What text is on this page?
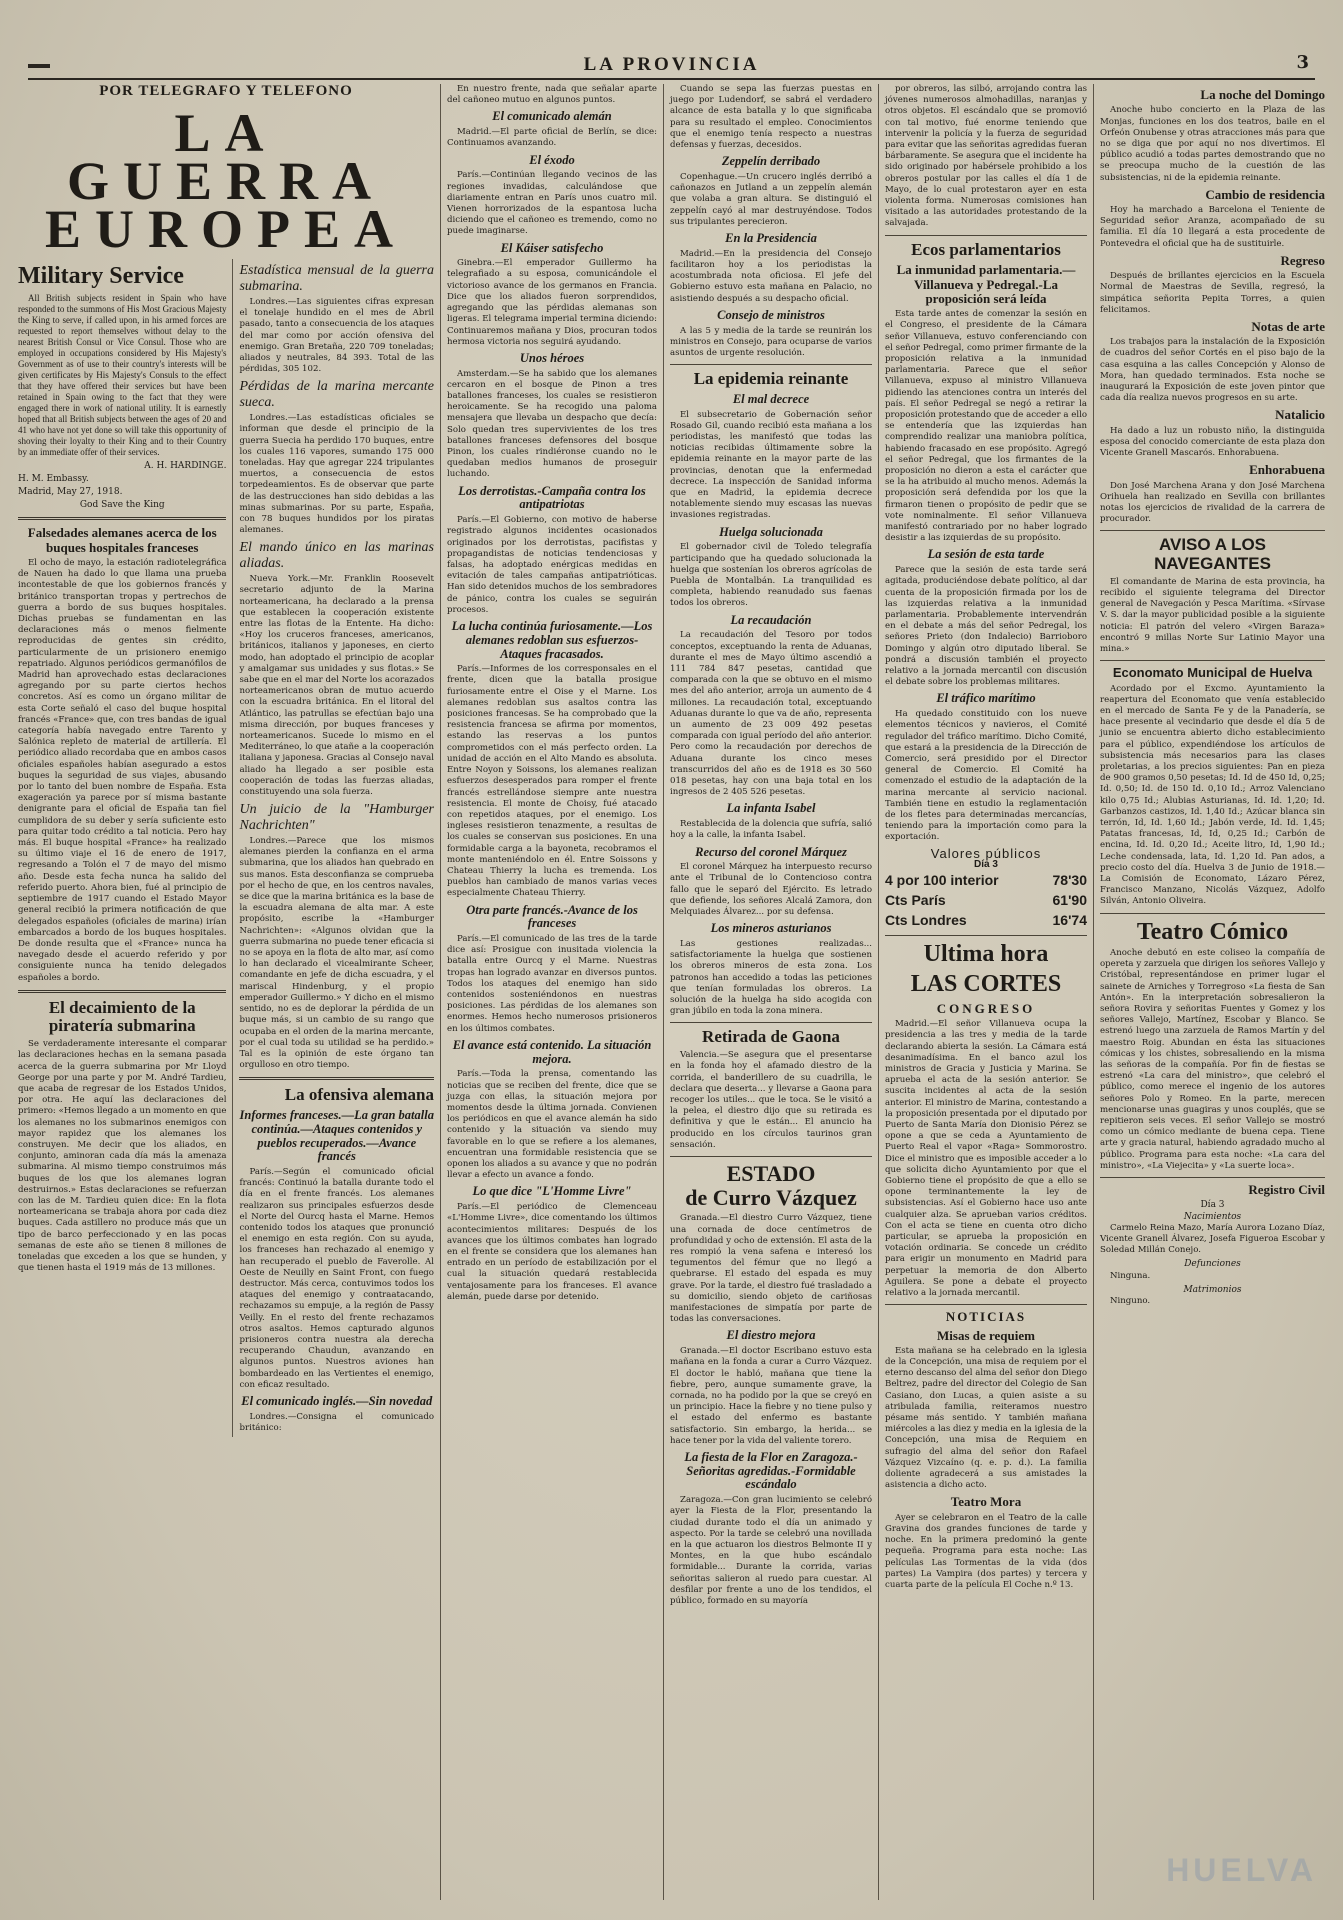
LA PROVINCIA	3
POR TELEGRAFO Y TELEFONO
LA GUERRA
EUROPEA
Military Service

All British subjects resident in Spain who have responded to the summons of His Most Gracious Majesty the King to serve, if called upon, in his armed forces are requested to report themselves without delay to the nearest British Consul or Vice Consul. Those who are employed in occupations considered by His Majesty's Government as of use to their country's interests will be given certificates by His Majesty's Consuls to the effect that they have offered their services but have been retained in Spain owing to the fact that they were engaged there in work of national utility. It is earnestly hoped that all British subjects between the ages of 20 and 41 who have not yet done so will take this opportunity of shoving their loyalty to their King and to their Country by an immediate offer of their services.

A. H. HARDINGE.
H. M. Embassy.
Madrid, May 27, 1918.
God Save the King
Falsedades alemanes acerca de los buques hospitales franceses

El ocho de mayo, la estación radiotelegráfica de Nauen ha dado lo que llama una prueba incontestable de que los gobiernos francés y británico transportan tropas y pertrechos de guerra a bordo de sus buques hospitales. Dichas pruebas se fundamentan en las declaraciones más o menos fielmente reproducidas de gentes sin crédito, particularmente de un prisionero enemigo repatriado. Algunos periódicos germanófilos de Madrid han aprovechado estas declaraciones agregando por su parte ciertos hechos concretos. Así es como un órgano militar de esta Corte señaló el caso del buque hospital francés «France» que, con tres bandas de igual categoría había navegado entre Tarento y Salónica repleto de material de artillería. El periódico aliado recordaba que en ambos casos oficiales españoles habían asegurado a estos buques la seguridad de sus viajes, abusando por lo tanto del buen nombre de España. Esta exageración ya parece por sí misma bastante denigrante para el oficial de España tan fiel cumplidora de su deber y sería suficiente esto para quitar todo crédito a tal noticia. Pero hay más. El buque hospital «France» ha realizado su último viaje el 16 de enero de 1917, regresando a Tolón el 7 de mayo del mismo año. Desde esta fecha nunca ha salido del referido puerto. Ahora bien, fué al principio de septiembre de 1917 cuando el Estado Mayor general recibió la primera notificación de que delegados españoles (oficiales de marina) irían embarcados a bordo de los buques hospitales. De donde resulta que el «France» nunca ha navegado desde el acuerdo referido y por consiguiente nunca ha tenido delegados españoles a bordo.

El decaimiento de la piratería submarina

Se verdaderamente interesante el comparar las declaraciones hechas en la semana pasada acerca de la guerra submarina por Mr Lloyd George por una parte y por M. André Tardieu, que acaba de regresar de los Estados Unidos, por otra. He aquí las declaraciones del primero: «Hemos llegado a un momento en que los alemanes no los submarinos enemigos con mayor rapidez que los alemanes los construyen. Me decir que los aliados, en conjunto, aminoran cada día más la amenaza submarina. Al mismo tiempo construimos más buques de los que los alemanes logran destruirnos.» Estas declaraciones se refuerzan con las de M. Tardieu quien dice: En la flota norteamericana se trabaja ahora por cada diez buques. Cada astillero no produce más que un tipo de barco perfeccionado y en las pocas semanas de este año se tienen 8 millones de toneladas que exceden a los que se hunden, y que tienen hasta el 1919 más de 13 millones.

Estadística mensual de la guerra submarina.

Londres.—Las siguientes cifras expresan el tonelaje hundido en el mes de Abril pasado, tanto a consecuencia de los ataques del mar como por acción ofensiva del enemigo. Gran Bretaña, 220 709 toneladas; aliados y neutrales, 84 393. Total de las pérdidas, 305 102.

Pérdidas de la marina mercante sueca.

Londres.—Las estadísticas oficiales se informan que desde el principio de la guerra Suecia ha perdido 170 buques, entre los cuales 116 vapores, sumando 175 000 toneladas. Hay que agregar 224 tripulantes muertos, a consecuencia de estos torpedeamientos. Es de observar que parte de las destrucciones han sido debidas a las minas submarinas. Por su parte, España, con 78 buques hundidos por los piratas alemanes.

El mando único en las marinas aliadas.

Nueva York.—Mr. Franklin Roosevelt secretario adjunto de la Marina norteamericana, ha declarado a la prensa que establecen la cooperación existente entre las flotas de la Entente. Ha dicho: «Hoy los cruceros franceses, americanos, británicos, italianos y japoneses, en cierto modo, han adoptado el principio de acoplar y amalgamar sus unidades y sus flotas.» Se sabe que en el mar del Norte los acorazados norteamericanos obran de mutuo acuerdo con la escuadra británica. En el litoral del Atlántico, las patrullas se efectúan bajo una misma dirección, por buques franceses y norteamericanos. Sucede lo mismo en el Mediterráneo, lo que atañe a la cooperación italiana y japonesa. Gracias al Consejo naval aliado ha llegado a ser posible esta cooperación de todas las fuerzas aliadas, constituyendo una sola fuerza.

Un juicio de la "Hamburger Nachrichten"

Londres.—Parece que los mismos alemanes pierden la confianza en el arma submarina, que los aliados han quebrado en sus manos. Esta desconfianza se comprueba por el hecho de que, en los centros navales, se dice que la marina británica es la base de la escuadra alemana de alta mar. A este propósito, escribe la «Hamburger Nachrichten»: «Algunos olvidan que la guerra submarina no puede tener eficacia si no se apoya en la flota de alto mar, así como lo han declarado el vicealmirante Scheer, comandante en jefe de dicha escuadra, y el mariscal Hindenburg, y el propio emperador Guillermo.» Y dicho en el mismo sentido, no es de deplorar la pérdida de un buque más, si un cambio de su rango que ocupaba en el orden de la marina mercante, por el cual toda su utilidad se ha perdido.» Tal es la opinión de este órgano tan orgulloso en otro tiempo.

La ofensiva alemana
Informes franceses.—La gran batalla continúa.—Ataques contenidos y pueblos recuperados.—Avance francés

París.—Según el comunicado oficial francés: Continuó la batalla durante todo el día en el frente francés. Los alemanes realizaron sus principales esfuerzos desde el Norte del Ourcq hasta el Marne. Hemos contenido todos los ataques que pronunció el enemigo en esta región. Con su ayuda, los franceses han rechazado al enemigo y han recuperado el pueblo de Faverolle. Al Oeste de Neuilly en Saint Front, con fuego destructor. Más cerca, contuvimos todos los ataques del enemigo y contraatacando, rechazamos su empuje, a la región de Passy Veilly. En el resto del frente rechazamos otros asaltos. Hemos capturado algunos prisioneros contra nuestra ala derecha recuperando Chaudun, avanzando en algunos puntos. Nuestros aviones han bombardeado en las Vertientes el enemigo, con eficaz resultado.

El comunicado inglés.—Sin novedad

Londres.—Consigna el comunicado británico:

En nuestro frente, nada que señalar aparte del cañoneo mutuo en algunos puntos.

El comunicado alemán

Madrid.—El parte oficial de Berlín, se dice: Continuamos avanzando.

El éxodo

París.—Continúan llegando vecinos de las regiones invadidas, calculándose que diariamente entran en París unos cuatro mil. Vienen horrorizados de la espantosa lucha diciendo que el cañoneo es tremendo, como no puede imaginarse.

El Káiser satisfecho

Ginebra.—El emperador Guillermo ha telegrafiado a su esposa, comunicándole el victorioso avance de los germanos en Francia. Dice que los aliados fueron sorprendidos, agregando que las pérdidas alemanas son ligeras. El telegrama imperial termina diciendo: Continuaremos mañana y Dios, procuran todos hermosa victoria nos seguirá ayudando.

Unos héroes

Amsterdam.—Se ha sabido que los alemanes cercaron en el bosque de Pinon a tres batallones franceses, los cuales se resistieron heroicamente. Se ha recogido una paloma mensajera que llevaba un despacho que decía: Solo quedan tres supervivientes de los tres batallones franceses defensores del bosque Pinon, los cuales rindiéronse cuando no le quedaban medios humanos de proseguir luchando.

Los derrotistas.-Campaña contra los antipatriotas

París.—El Gobierno, con motivo de haberse registrado algunos incidentes ocasionados originados por los derrotistas, pacifistas y propagandistas de noticias tendenciosas y falsas, ha adoptado enérgicas medidas en evitación de tales campañas antipatrióticas. Han sido detenidos muchos de los sembradores de pánico, contra los cuales se seguirán procesos.

La lucha continúa furiosamente.—Los alemanes redoblan sus esfuerzos-Ataques fracasados.

París.—Informes de los corresponsales en el frente, dicen que la batalla prosigue furiosamente entre el Oise y el Marne. Los alemanes redoblan sus asaltos contra las posiciones francesas. Se ha comprobado que la resistencia francesa se afirma por momentos, estando las reservas a los puntos comprometidos con el más perfecto orden. La unidad de acción en el Alto Mando es absoluta. Entre Noyon y Soissons, los alemanes realizan esfuerzos desesperados para romper el frente francés estrellándose siempre ante nuestra resistencia. El monte de Choisy, fué atacado con repetidos ataques, por el enemigo. Los ingleses resistieron tenazmente, a resultas de los cuales se conservan sus posiciones. En una formidable carga a la bayoneta, recobramos el monte manteniéndolo en él. Entre Soissons y Chateau Thierry la lucha es tremenda. Los pueblos han cambiado de manos varias veces especialmente Chateau Thierry.

Otra parte francés.-Avance de los franceses

París.—El comunicado de las tres de la tarde dice así: Prosigue con inusitada violencia la batalla entre Ourcq y el Marne. Nuestras tropas han logrado avanzar en diversos puntos. Todos los ataques del enemigo han sido contenidos sosteniéndonos en nuestras posiciones. Las pérdidas de los alemanes son enormes. Hemos hecho numerosos prisioneros en los últimos combates.

El avance está contenido. La situación mejora.

París.—Toda la prensa, comentando las noticias que se reciben del frente, dice que se juzga con ellas, la situación mejora por momentos desde la última jornada. Convienen los periódicos en que el avance alemán ha sido contenido y la situación va siendo muy favorable en lo que se refiere a los alemanes, encuentran una formidable resistencia que se oponen los aliados a su avance y que no podrán llevar a efecto un avance a fondo.

Lo que dice "L'Homme Livre"

París.—El periódico de Clemenceau «L'Homme Livre», dice comentando los últimos acontecimientos militares: Después de los avances que los últimos combates han logrado en el frente se considera que los alemanes han entrado en un período de estabilización por el cual la situación quedará restablecida ventajosamente para los franceses. El avance alemán, puede darse por detenido.

Cuando se sepa las fuerzas puestas en juego por Ludendorf, se sabrá el verdadero alcance de esta batalla y lo que significaba para su resultado el empleo. Conocimientos que el enemigo tenía respecto a nuestras defensas y fuerzas, decesidos.

Zeppelín derribado

Copenhague.—Un crucero inglés derribó a cañonazos en Jutland a un zeppelín alemán que volaba a gran altura. Se distinguió el zeppelín cayó al mar destruyéndose. Todos sus tripulantes perecieron.

En la Presidencia

Madrid.—En la presidencia del Consejo facilitaron hoy a los periodistas la acostumbrada nota oficiosa. El jefe del Gobierno estuvo esta mañana en Palacio, no asistiendo después a su despacho oficial.

Consejo de ministros

A las 5 y media de la tarde se reunirán los ministros en Consejo, para ocuparse de varios asuntos de urgente resolución.

La epidemia reinante
El mal decrece

El subsecretario de Gobernación señor Rosado Gil, cuando recibió esta mañana a los periodistas, les manifestó que todas las noticias recibidas últimamente sobre la epidemia reinante en la mayor parte de las provincias, denotan que la enfermedad decrece. La inspección de Sanidad informa que en Madrid, la epidemia decrece notablemente siendo muy escasas las nuevas invasiones registradas.

Huelga solucionada

El gobernador civil de Toledo telegrafía participando que ha quedado solucionada la huelga que sostenían los obreros agrícolas de Puebla de Montalbán. La tranquilidad es completa, habiendo reanudado sus faenas todos los obreros.

La recaudación

La recaudación del Tesoro por todos conceptos, exceptuando la renta de Aduanas, durante el mes de Mayo último ascendió a 111 784 847 pesetas, cantidad que comparada con la que se obtuvo en el mismo mes del año anterior, arroja un aumento de 4 millones. La recaudación total, exceptuando Aduanas durante lo que va de año, representa un aumento de 23 009 492 pesetas comparada con igual período del año anterior. Pero como la recaudación por derechos de Aduana durante los cinco meses transcurridos del año es de 1918 es 30 560 018 pesetas, hay con una baja total en los ingresos de 2 405 526 pesetas.

La infanta Isabel

Restablecida de la dolencia que sufría, salió hoy a la calle, la infanta Isabel.

Recurso del coronel Márquez

El coronel Márquez ha interpuesto recurso ante el Tribunal de lo Contencioso contra fallo que le separó del Ejército. Es letrado que defiende, los señores Alcalá Zamora, don Melquiades Álvarez... por su defensa.

Los mineros asturianos

Las gestiones realizadas... satisfactoriamente la huelga que sostienen los obreros mineros de esta zona. Los patronos han accedido a todas las peticiones que tenían formuladas los obreros. La solución de la huelga ha sido acogida con gran júbilo en toda la zona minera.

Retirada de Gaona

Valencia.—Se asegura que el presentarse en la fonda hoy el afamado diestro de la corrida, el banderillero de su cuadrilla, le declara que deserta... y llevarse a Gaona para recoger los utiles... que le toca. Se le visitó a la pelea, el diestro dijo que su retirada es definitiva y que le están... El anuncio ha producido en los círculos taurinos gran sensación.

ESTADO
de Curro Vázquez

Granada.—El diestro Curro Vázquez, tiene una cornada de doce centímetros de profundidad y ocho de extensión. El asta de la res rompió la vena safena e interesó los tegumentos del fémur que no llegó a quebrarse. El estado del espada es muy grave. Por la tarde, el diestro fué trasladado a su domicilio, siendo objeto de cariñosas manifestaciones de simpatía por parte de todas las conversaciones.

El diestro mejora

Granada.—El doctor Escribano estuvo esta mañana en la fonda a curar a Curro Vázquez. El doctor le habló, mañana que tiene la fiebre, pero, aunque sumamente grave, la cornada, no ha podido por la que se creyó en un principio. Hace la fiebre y no tiene pulso y el estado del enfermo es bastante satisfactorio. Sin embargo, la herida... se hace tener por la vida del valiente torero.

La fiesta de la Flor en Zaragoza.-Señoritas agredidas.-Formidable escándalo

Zaragoza.—Con gran lucimiento se celebró ayer la Fiesta de la Flor, presentando la ciudad durante todo el día un animado y aspecto. Por la tarde se celebró una novillada en la que actuaron los diestros Belmonte II y Montes, en la que hubo escándalo formidable... Durante la corrida, varias señoritas salieron al ruedo para cuestar. Al desfilar por frente a uno de los tendidos, el público, formado en su mayoría

por obreros, las silbó, arrojando contra las jóvenes numerosos almohadillas, naranjas y otros objetos. El escándalo que se promovió con tal motivo, fué enorme teniendo que intervenir la policía y la fuerza de seguridad para evitar que las señoritas agredidas fueran bárbaramente. Se asegura que el incidente ha sido originado por habérsele prohibido a los obreros postular por las calles el día 1 de Mayo, de lo cual protestaron ayer en esta violenta forma. Numerosas comisiones han visitado a las autoridades protestando de la salvajada.

Ecos parlamentarios
La inmunidad parlamentaria.— Villanueva y Pedregal.-La proposición será leída

Esta tarde antes de comenzar la sesión en el Congreso, el presidente de la Cámara señor Villanueva, estuvo conferenciando con el señor Pedregal, como primer firmante de la proposición relativa a la inmunidad parlamentaria. Parece que el señor Villanueva, expuso al ministro Villanueva pidiendo las atenciones contra un interés del país. El señor Pedregal se negó a retirar la proposición protestando que de acceder a ello se entendería que las izquierdas han comprendido realizar una maniobra política, habiendo fracasado en ese propósito. Agregó el señor Pedregal, que los firmantes de la proposición no dieron a esta el carácter que se la ha atribuido al mucho menos. Además la proposición será defendida por los que la firmaron tienen o propósito de pedir que se vote nominalmente. El señor Villanueva manifestó contrariado por no haber logrado desistir a las izquierdas de su propósito.

La sesión de esta tarde

Parece que la sesión de esta tarde será agitada, produciéndose debate político, al dar cuenta de la proposición firmada por los de las izquierdas relativa a la inmunidad parlamentaria. Probablemente intervendrán en el debate a más del señor Pedregal, los señores Prieto (don Indalecio) Barrioboro Domingo y algún otro diputado liberal. Se pondrá a discusión también el proyecto relativo a la jornada mercantil con discusión el debate sobre los problemas militares.

El tráfico marítimo

Ha quedado constituido con los nueve elementos técnicos y navieros, el Comité regulador del tráfico marítimo. Dicho Comité, que estará a la presidencia de la Dirección de Comercio, será presidido por el Director general de Comercio. El Comité ha comenzado el estudio de la adaptación de la marina mercante al servicio nacional. También tiene en estudio la reglamentación de los fletes para determinadas mercancías, teniendo para la importación como para la exportación.

Valores públicos
Día 3
4 por 100 interior	78'30
Cts París	61'90
Cts Londres	16'74
Ultima hora
LAS CORTES
CONGRESO

Madrid.—El señor Villanueva ocupa la presidencia a las tres y media de la tarde declarando abierta la sesión. La Cámara está desanimadísima. En el banco azul los ministros de Gracia y Justicia y Marina. Se aprueba el acta de la sesión anterior. Se suscita incidentes al acta de la sesión anterior. El ministro de Marina, contestando a la proposición presentada por el diputado por Puerto de Santa María don Dionisio Pérez se opone a que se ceda a Ayuntamiento de Puerto Real el vapor «Raga» Sommorostro. Dice el ministro que es imposible acceder a lo que solicita dicho Ayuntamiento por que el Gobierno tiene el propósito de que a ello se opone terminantemente la ley de subsistencias. Así el Gobierno hace uso ante cualquier alza. Se aprueban varios créditos. Con el acta se tiene en cuenta otro dicho particular, se aprueba la proposición en votación ordinaria. Se concede un crédito para erigir un monumento en Madrid para perpetuar la memoria de don Alberto Aguilera. Se pone a debate el proyecto relativo a la jornada mercantil.

NOTICIAS
Misas de requiem

Esta mañana se ha celebrado en la iglesia de la Concepción, una misa de requiem por el eterno descanso del alma del señor don Diego Beltrez, padre del director del Colegio de San Casiano, don Lucas, a quien asiste a su atribulada familia, reiteramos nuestro pésame más sentido. Y también mañana miércoles a las diez y media en la iglesia de la Concepción, una misa de Requiem en sufragio del alma del señor don Rafael Vázquez Vizcaíno (q. e. p. d.). La familia doliente agradecerá a sus amistades la asistencia a dicho acto.

Teatro Mora

Ayer se celebraron en el Teatro de la calle Gravina dos grandes funciones de tarde y noche. En la primera predominó la gente pequeña. Programa para esta noche: Las películas Las Tormentas de la vida (dos partes) La Vampira (dos partes) y tercera y cuarta parte de la película El Coche n.º 13.

La noche del Domingo

Anoche hubo concierto en la Plaza de las Monjas, funciones en los dos teatros, baile en el Orfeón Onubense y otras atracciones más para que no se diga que por aquí no nos divertimos. El público acudió a todas partes demostrando que no se preocupa mucho de la cuestión de las subsistencias, ni de la epidemia reinante.

Cambio de residencia

Hoy ha marchado a Barcelona el Teniente de Seguridad señor Aranza, acompañado de su familia. El día 10 llegará a esta procedente de Pontevedra el oficial que ha de sustituirle.

Regreso

Después de brillantes ejercicios en la Escuela Normal de Maestras de Sevilla, regresó, la simpática señorita Pepita Torres, a quien felicitamos.

Notas de arte

Los trabajos para la instalación de la Exposición de cuadros del señor Cortés en el piso bajo de la casa esquina a las calles Concepción y Alonso de Mora, han quedado terminados. Esta noche se inaugurará la Exposición de este joven pintor que cada día realiza nuevos progresos en su arte.

Natalicio

Ha dado a luz un robusto niño, la distinguida esposa del conocido comerciante de esta plaza don Vicente Granell Mascarós. Enhorabuena.

Enhorabuena

Don José Marchena Arana y don José Marchena Orihuela han realizado en Sevilla con brillantes notas los ejercicios de rivalidad de la carrera de procurador.

AVISO A LOS NAVEGANTES

El comandante de Marina de esta provincia, ha recibido el siguiente telegrama del Director general de Navegación y Pesca Marítima. «Sírvase V. S. dar la mayor publicidad posible a la siguiente noticia: El patrón del velero «Virgen Baraza» encontró 9 millas Norte Sur Latinio Mayor una mina.»

Economato Municipal de Huelva

Acordado por el Excmo. Ayuntamiento la reapertura del Economato que venía establecido en el mercado de Santa Fe y de la Panadería, se hace presente al vecindario que desde el día 5 de junio se encuentra abierto dicho establecimiento para el público, expendiéndose los artículos de subsistencia más necesarios para las clases proletarias, a los precios siguientes: Pan en pieza de 900 gramos 0,50 pesetas; Id. Id de 450 Id, 0,25; Id. 0,50; Id. de 150 Id. 0,10 Id.; Arroz Valenciano kilo 0,75 Id.; Alubias Asturianas, Id. Id. 1,20; Id. Garbanzos castizos, Id. 1,40 Id.; Azúcar blanca sin terrón, Id, Id. 1,60 Id.; Jabón verde, Id. Id. 1,45; Patatas francesas, Id, Id, 0,25 Id.; Carbón de encina, Id. Id. 0,20 Id.; Aceite litro, Id, 1,90 Id.; Leche condensada, lata, Id. 1,20 Id. Pan ados, a precio costo del día. Huelva 3 de Junio de 1918.—La Comisión de Economato, Lázaro Pérez, Francisco Manzano, Nicolás Vázquez, Adolfo Silván, Antonio Oliveira.

Teatro Cómico

Anoche debutó en este coliseo la compañía de opereta y zarzuela que dirigen los señores Vallejo y Cristóbal, representándose en primer lugar el sainete de Arniches y Torregroso «La fiesta de San Antón». En la interpretación sobresalieron la señora Rovira y señoritas Fuentes y Gomez y los señores Vallejo, Martínez, Escobar y Blanco. Se estrenó luego una zarzuela de Ramos Martín y del maestro Roig. Abundan en ésta las situaciones cómicas y los chistes, sobresaliendo en la misma las señoras de la compañía. Por fin de fiestas se estrenó «La cara del ministro», que celebró el público, como merece el ingenio de los autores señores Polo y Romeo. En la parte, merecen mencionarse unas guagiras y unos couplés, que se repitieron seis veces. El señor Vallejo se mostró como un cómico mediante de buena cepa. Tiene arte y gracia natural, habiendo agradado mucho al público. Programa para esta noche: «La cara del ministro», «La Viejecita» y «La suerte loca».

Registro Civil
Día 3
Nacimientos

Carmelo Reina Mazo, María Aurora Lozano Díaz, Vicente Granell Álvarez, Josefa Figueroa Escobar y Soledad Millán Conejo.

Defunciones

Ninguna.

Matrimonios

Ninguno.

HUELVA
